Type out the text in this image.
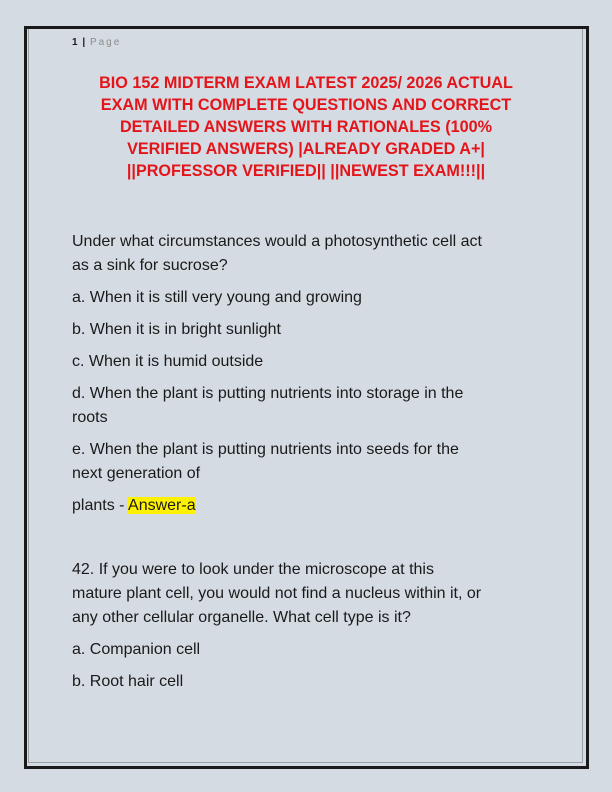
1 | Page
BIO 152 MIDTERM EXAM LATEST 2025/ 2026 ACTUAL
EXAM WITH COMPLETE QUESTIONS AND CORRECT
DETAILED ANSWERS WITH RATIONALES (100%
VERIFIED ANSWERS) |ALREADY GRADED A+|
||PROFESSOR VERIFIED|| ||NEWEST EXAM!!!||
Under what circumstances would a photosynthetic cell act
as a sink for sucrose?
a. When it is still very young and growing
b. When it is in bright sunlight
c. When it is humid outside
d. When the plant is putting nutrients into storage in the
roots
e. When the plant is putting nutrients into seeds for the
next generation of
plants - Answer-a
42. If you were to look under the microscope at this
mature plant cell, you would not find a nucleus within it, or
any other cellular organelle. What cell type is it?
a. Companion cell
b. Root hair cell
